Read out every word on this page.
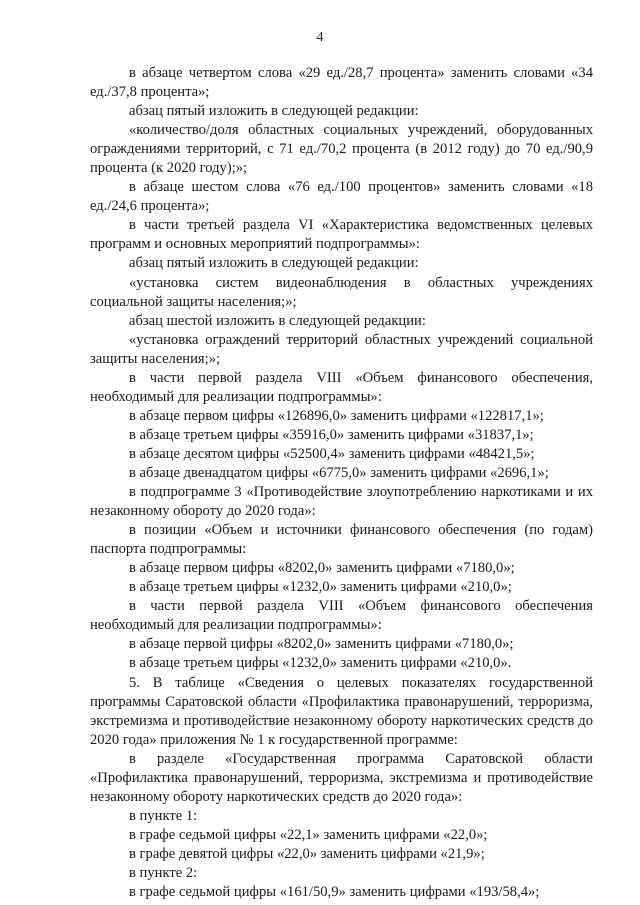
4

в абзаце четвертом слова «29 ед./28,7 процента» заменить словами «34 ед./37,8 процента»;

абзац пятый изложить в следующей редакции:

«количество/доля областных социальных учреждений, оборудованных ограждениями территорий, с 71 ед./70,2 процента (в 2012 году) до 70 ед./90,9 процента (к 2020 году);»;

в абзаце шестом слова «76 ед./100 процентов» заменить словами «18 ед./24,6 процента»;

в части третьей раздела VI «Характеристика ведомственных целевых программ и основных мероприятий подпрограммы»:

абзац пятый изложить в следующей редакции:

«установка систем видеонаблюдения в областных учреждениях социальной защиты населения;»;

абзац шестой изложить в следующей редакции:

«установка ограждений территорий областных учреждений социальной защиты населения;»;

в части первой раздела VIII «Объем финансового обеспечения, необходимый для реализации подпрограммы»:

в абзаце первом цифры «126896,0» заменить цифрами «122817,1»;

в абзаце третьем цифры «35916,0» заменить цифрами «31837,1»;

в абзаце десятом цифры «52500,4» заменить цифрами «48421,5»;

в абзаце двенадцатом цифры «6775,0» заменить цифрами «2696,1»;

в подпрограмме 3 «Противодействие злоупотреблению наркотиками и их незаконному обороту до 2020 года»:

в позиции «Объем и источники финансового обеспечения (по годам) паспорта подпрограммы:

в абзаце первом цифры «8202,0» заменить цифрами «7180,0»;

в абзаце третьем цифры «1232,0» заменить цифрами «210,0»;

в части первой раздела VIII «Объем финансового обеспечения необходимый для реализации подпрограммы»:

в абзаце первой цифры «8202,0» заменить цифрами «7180,0»;

в абзаце третьем цифры «1232,0» заменить цифрами «210,0».

5. В таблице «Сведения о целевых показателях государственной программы Саратовской области «Профилактика правонарушений, терроризма, экстремизма и противодействие незаконному обороту наркотических средств до 2020 года» приложения № 1 к государственной программе:

в разделе «Государственная программа Саратовской области «Профилактика правонарушений, терроризма, экстремизма и противодействие незаконному обороту наркотических средств до 2020 года»:

в пункте 1:

в графе седьмой цифры «22,1» заменить цифрами «22,0»;

в графе девятой цифры «22,0» заменить цифрами «21,9»;

в пункте 2:

в графе седьмой цифры «161/50,9» заменить цифрами «193/58,4»;
